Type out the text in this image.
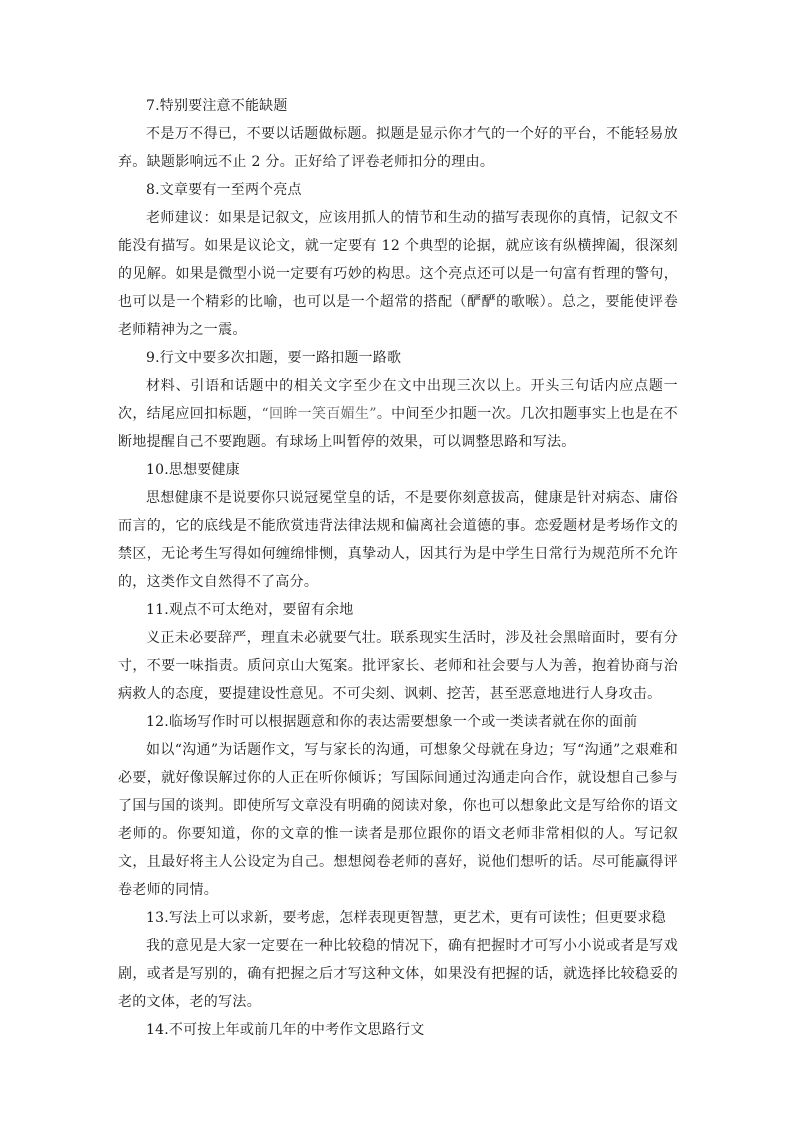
7.特别要注意不能缺题
不是万不得已，不要以话题做标题。拟题是显示你才气的一个好的平台，不能轻易放弃。缺题影响远不止 2 分。正好给了评卷老师扣分的理由。
8.文章要有一至两个亮点
老师建议：如果是记叙文，应该用抓人的情节和生动的描写表现你的真情，记叙文不能没有描写。如果是议论文，就一定要有 12 个典型的论据，就应该有纵横捭阖，很深刻的见解。如果是微型小说一定要有巧妙的构思。这个亮点还可以是一句富有哲理的警句，也可以是一个精彩的比喻，也可以是一个超常的搭配（酽酽的歌喉）。总之，要能使评卷老师精神为之一震。
9.行文中要多次扣题，要一路扣题一路歌
材料、引语和话题中的相关文字至少在文中出现三次以上。开头三句话内应点题一次，结尾应回扣标题，“回眸一笑百媚生”。中间至少扣题一次。几次扣题事实上也是在不断地提醒自己不要跑题。有球场上叫暂停的效果，可以调整思路和写法。
10.思想要健康
思想健康不是说要你只说冠冕堂皇的话，不是要你刻意拔高，健康是针对病态、庸俗而言的，它的底线是不能欣赏违背法律法规和偏离社会道德的事。恋爱题材是考场作文的禁区，无论考生写得如何缠绵悱恻，真挚动人，因其行为是中学生日常行为规范所不允许的，这类作文自然得不了高分。
11.观点不可太绝对，要留有余地
义正未必要辞严，理直未必就要气壮。联系现实生活时，涉及社会黑暗面时，要有分寸，不要一味指责。质问京山大冤案。批评家长、老师和社会要与人为善，抱着协商与治病救人的态度，要提建设性意见。不可尖刻、讽刺、挖苦，甚至恶意地进行人身攻击。
12.临场写作时可以根据题意和你的表达需要想象一个或一类读者就在你的面前
如以“沟通”为话题作文，写与家长的沟通，可想象父母就在身边；写“沟通”之艰难和必要，就好像误解过你的人正在听你倾诉；写国际间通过沟通走向合作，就设想自己参与了国与国的谈判。即使所写文章没有明确的阅读对象，你也可以想象此文是写给你的语文老师的。你要知道，你的文章的惟一读者是那位跟你的语文老师非常相似的人。写记叙文，且最好将主人公设定为自己。想想阅卷老师的喜好，说他们想听的话。尽可能赢得评卷老师的同情。
13.写法上可以求新，要考虑，怎样表现更智慧，更艺术，更有可读性；但更要求稳
我的意见是大家一定要在一种比较稳的情况下，确有把握时才可写小小说或者是写戏剧，或者是写别的，确有把握之后才写这种文体，如果没有把握的话，就选择比较稳妥的老的文体，老的写法。
14.不可按上年或前几年的中考作文思路行文
